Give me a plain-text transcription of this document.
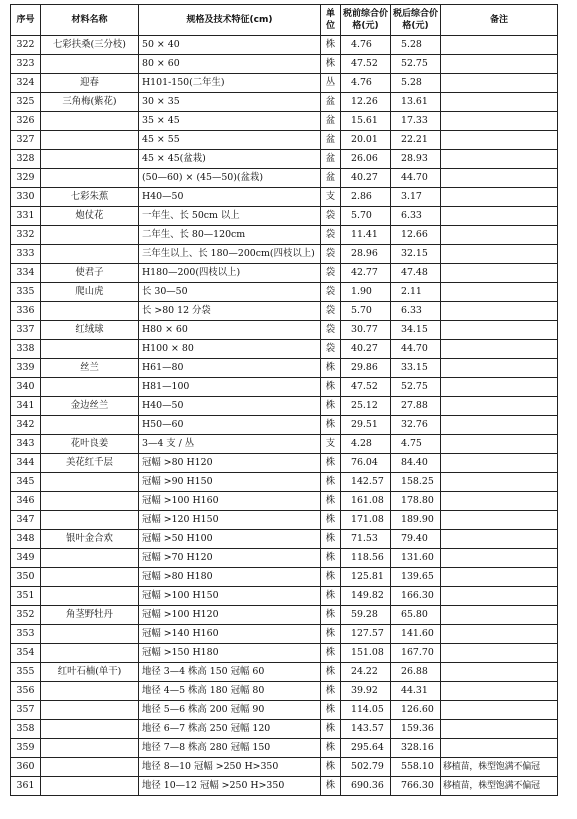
序号	材料名称	规格及技术特征(cm)	单位	税前综合价格(元)	税后综合价格(元)	备注
322	七彩扶桑(三分枝)	50 × 40	株	4.76	5.28	
323		80 × 60	株	47.52	52.75	
324	迎春	H101-150(二年生)	丛	4.76	5.28	
325	三角梅(紫花)	30 × 35	盆	12.26	13.61	
326		35 × 45	盆	15.61	17.33	
327		45 × 55	盆	20.01	22.21	
328		45 × 45(盆栽)	盆	26.06	28.93	
329		(50—60) × (45—50)(盆栽)	盆	40.27	44.70	
330	七彩朱蕉	H40—50	支	2.86	3.17	
331	炮仗花	一年生、长 50cm 以上	袋	5.70	6.33	
332		二年生、长 80—120cm	袋	11.41	12.66	
333		三年生以上、长 180—200cm(四枝以上)	袋	28.96	32.15	
334	使君子	H180—200(四枝以上)	袋	42.77	47.48	
335	爬山虎	长 30—50	袋	1.90	2.11	
336		长 >80 12 分袋	袋	5.70	6.33	
337	红绒球	H80 × 60	袋	30.77	34.15	
338		H100 × 80	袋	40.27	44.70	
339	丝兰	H61—80	株	29.86	33.15	
340		H81—100	株	47.52	52.75	
341	金边丝兰	H40—50	株	25.12	27.88	
342		H50—60	株	29.51	32.76	
343	花叶良姜	3—4 支 / 丛	支	4.28	4.75	
344	美花红千层	冠幅 >80 H120	株	76.04	84.40	
345		冠幅 >90 H150	株	142.57	158.25	
346		冠幅 >100 H160	株	161.08	178.80	
347		冠幅 >120 H150	株	171.08	189.90	
348	银叶金合欢	冠幅 >50 H100	株	71.53	79.40	
349		冠幅 >70 H120	株	118.56	131.60	
350		冠幅 >80 H180	株	125.81	139.65	
351		冠幅 >100 H150	株	149.82	166.30	
352	角茎野牡丹	冠幅 >100 H120	株	59.28	65.80	
353		冠幅 >140 H160	株	127.57	141.60	
354		冠幅 >150 H180	株	151.08	167.70	
355	红叶石楠(单干)	地径 3—4 株高 150 冠幅 60	株	24.22	26.88	
356		地径 4—5 株高 180 冠幅 80	株	39.92	44.31	
357		地径 5—6 株高 200 冠幅 90	株	114.05	126.60	
358		地径 6—7 株高 250 冠幅 120	株	143.57	159.36	
359		地径 7—8 株高 280 冠幅 150	株	295.64	328.16	
360		地径 8—10 冠幅 >250 H>350	株	502.79	558.10	移植苗，株型饱满不偏冠
361		地径 10—12 冠幅 >250 H>350	株	690.36	766.30	移植苗，株型饱满不偏冠
